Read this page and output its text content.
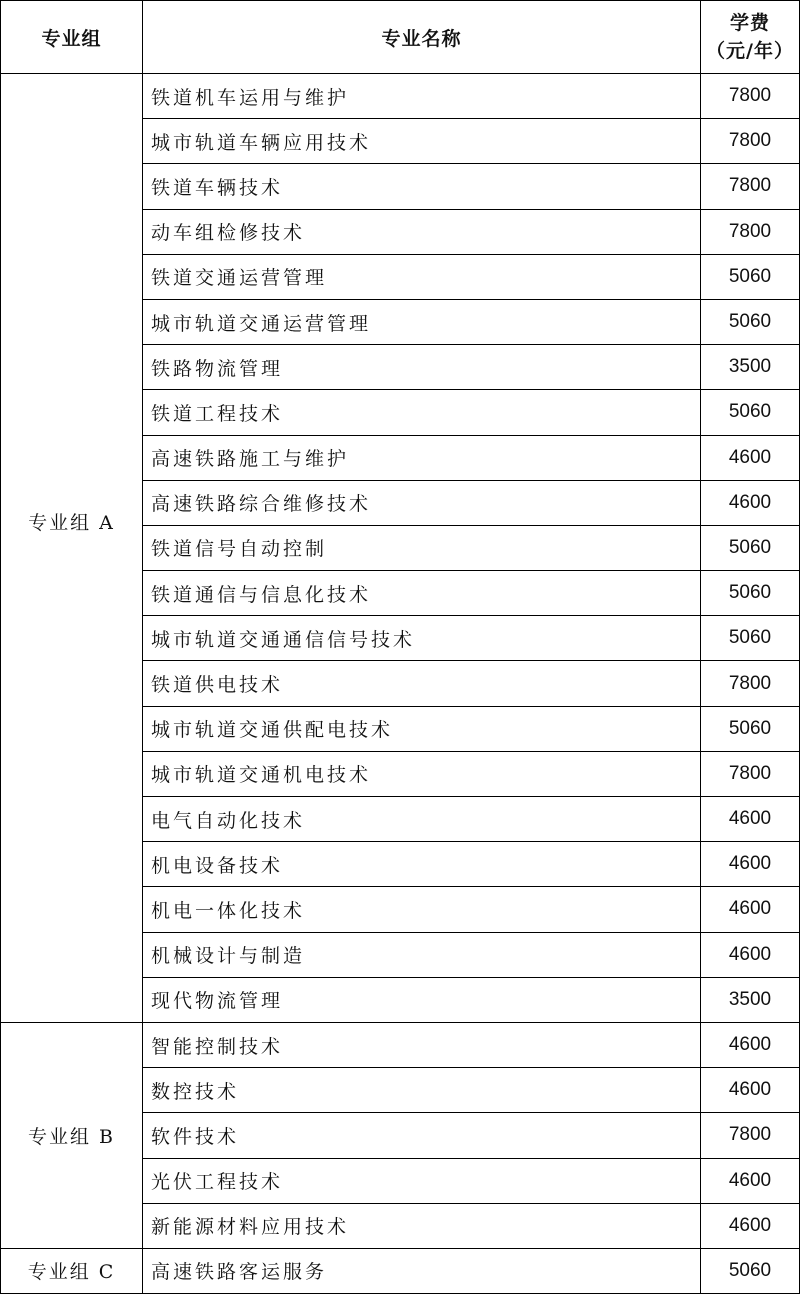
专业组	专业名称	学费
（元/年）

专业组 A	铁道机车运用与维护	7800
	城市轨道车辆应用技术	7800
	铁道车辆技术	7800
	动车组检修技术	7800
	铁道交通运营管理	5060
	城市轨道交通运营管理	5060
	铁路物流管理	3500
	铁道工程技术	5060
	高速铁路施工与维护	4600
	高速铁路综合维修技术	4600
	铁道信号自动控制	5060
	铁道通信与信息化技术	5060
	城市轨道交通通信信号技术	5060
	铁道供电技术	7800
	城市轨道交通供配电技术	5060
	城市轨道交通机电技术	7800
	电气自动化技术	4600
	机电设备技术	4600
	机电一体化技术	4600
	机械设计与制造	4600
	现代物流管理	3500
专业组 B	智能控制技术	4600
	数控技术	4600
	软件技术	7800
	光伏工程技术	4600
	新能源材料应用技术	4600
专业组 C	高速铁路客运服务	5060
